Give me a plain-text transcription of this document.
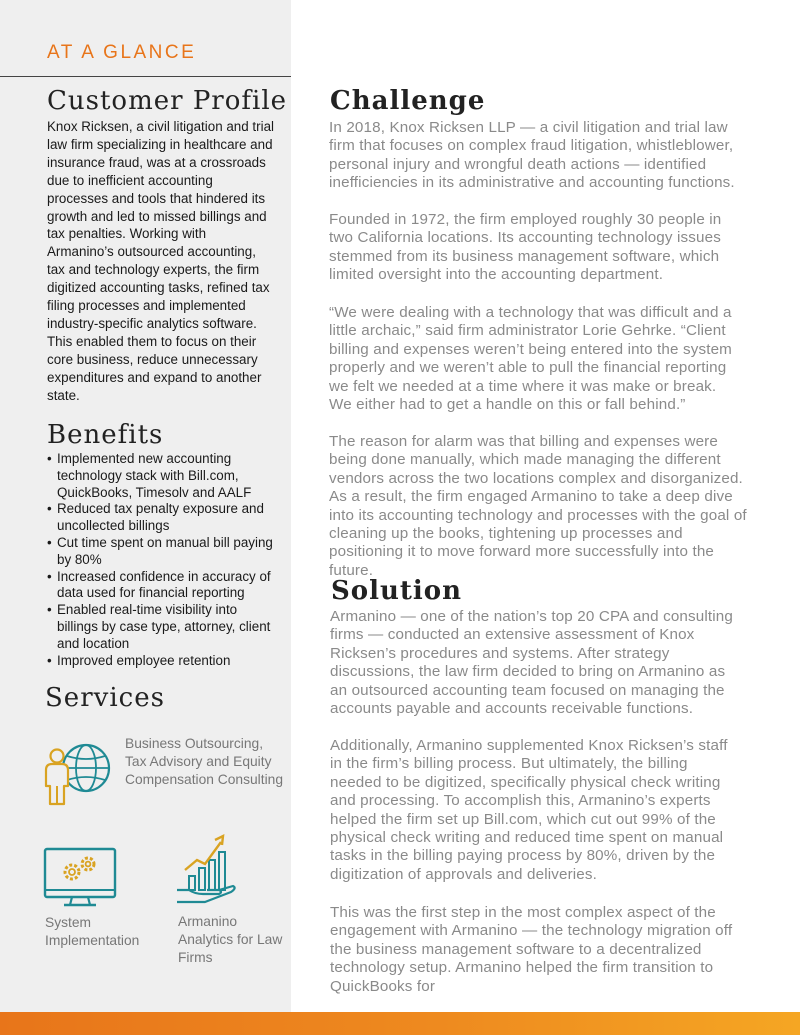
AT A GLANCE
Customer Profile

Knox Ricksen, a civil litigation and trial law firm specializing in healthcare and insurance fraud, was at a crossroads due to inefficient accounting processes and tools that hindered its growth and led to missed billings and tax penalties. Working with Armanino’s outsourced accounting, tax and technology experts, the firm digitized accounting tasks, refined tax filing processes and implemented industry-specific analytics software. This enabled them to focus on their core business, reduce unnecessary expenditures and expand to another state.

Benefits
• Implemented new accounting technology stack with Bill.com, QuickBooks, Timesolv and AALF
• Reduced tax penalty exposure and uncollected billings
• Cut time spent on manual bill paying by 80%
• Increased confidence in accuracy of data used for financial reporting
• Enabled real-time visibility into billings by case type, attorney, client and location
• Improved employee retention
Services
Business Outsourcing, Tax Advisory and Equity Compensation Consulting
System Implementation
Armanino Analytics for Law Firms
Challenge

In 2018, Knox Ricksen LLP — a civil litigation and trial law firm that focuses on complex fraud litigation, whistleblower, personal injury and wrongful death actions — identified inefficiencies in its administrative and accounting functions.

Founded in 1972, the firm employed roughly 30 people in two California locations. Its accounting technology issues stemmed from its business management software, which limited oversight into the accounting department.

“We were dealing with a technology that was difficult and a little archaic,” said firm administrator Lorie Gehrke. “Client billing and expenses weren’t being entered into the system properly and we weren’t able to pull the financial reporting we felt we needed at a time where it was make or break. We either had to get a handle on this or fall behind.”

The reason for alarm was that billing and expenses were being done manually, which made managing the different vendors across the two locations complex and disorganized. As a result, the firm engaged Armanino to take a deep dive into its accounting technology and processes with the goal of cleaning up the books, tightening up processes and positioning it to move forward more successfully into the future.

Solution

Armanino — one of the nation’s top 20 CPA and consulting firms — conducted an extensive assessment of Knox Ricksen’s procedures and systems. After strategy discussions, the law firm decided to bring on Armanino as an outsourced accounting team focused on managing the accounts payable and accounts receivable functions.

Additionally, Armanino supplemented Knox Ricksen’s staff in the firm’s billing process. But ultimately, the billing needed to be digitized, specifically physical check writing and processing. To accomplish this, Armanino’s experts helped the firm set up Bill.com, which cut out 99% of the physical check writing and reduced time spent on manual tasks in the billing paying process by 80%, driven by the digitization of approvals and deliveries.

This was the first step in the most complex aspect of the engagement with Armanino — the technology migration off the business management software to a decentralized technology setup. Armanino helped the firm transition to QuickBooks for
